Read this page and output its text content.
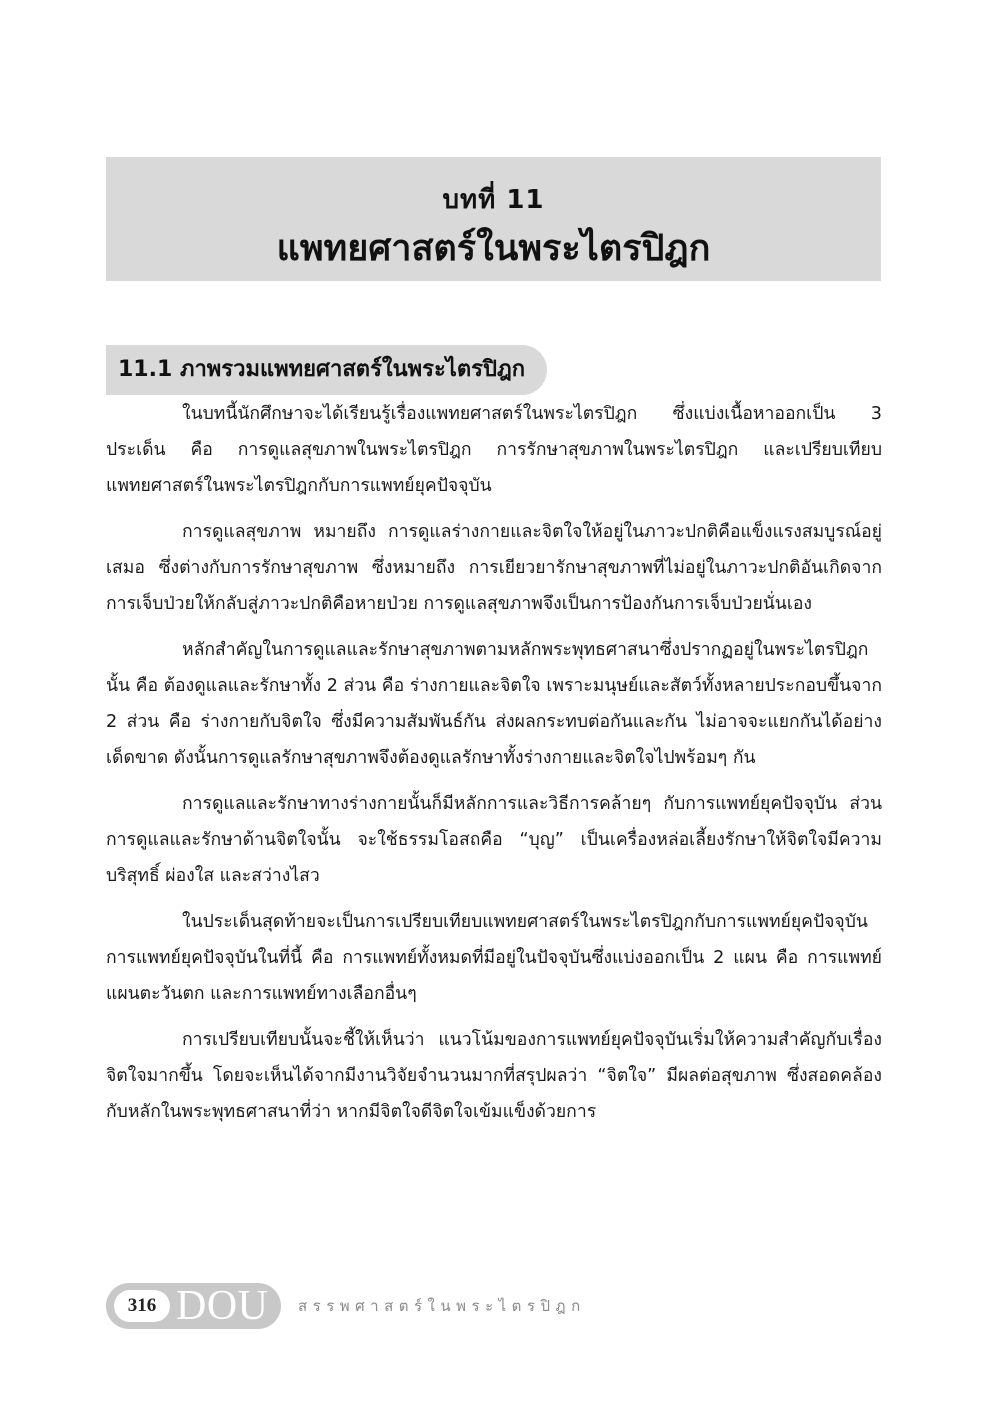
บทที่ 11
แพทยศาสตร์ในพระไตรปิฎก
11.1 ภาพรวมแพทยศาสตร์ในพระไตรปิฎก

ในบทนี้นักศึกษาจะได้เรียนรู้เรื่องแพทยศาสตร์ในพระไตรปิฎก ซึ่งแบ่งเนื้อหาออกเป็น 3 ประเด็น คือ การดูแลสุขภาพในพระไตรปิฎก การรักษาสุขภาพในพระไตรปิฎก และเปรียบเทียบแพทยศาสตร์ในพระไตรปิฎกกับการแพทย์ยุคปัจจุบัน

การดูแลสุขภาพ หมายถึง การดูแลร่างกายและจิตใจให้อยู่ในภาวะปกติคือแข็งแรงสมบูรณ์อยู่เสมอ ซึ่งต่างกับการรักษาสุขภาพ ซึ่งหมายถึง การเยียวยารักษาสุขภาพที่ไม่อยู่ในภาวะปกติอันเกิดจากการเจ็บป่วยให้กลับสู่ภาวะปกติคือหายป่วย การดูแลสุขภาพจึงเป็นการป้องกันการเจ็บป่วยนั่นเอง

หลักสำคัญในการดูแลและรักษาสุขภาพตามหลักพระพุทธศาสนาซึ่งปรากฏอยู่ในพระไตรปิฎกนั้น คือ ต้องดูแลและรักษาทั้ง 2 ส่วน คือ ร่างกายและจิตใจ เพราะมนุษย์และสัตว์ทั้งหลายประกอบขึ้นจาก 2 ส่วน คือ ร่างกายกับจิตใจ ซึ่งมีความสัมพันธ์กัน ส่งผลกระทบต่อกันและกัน ไม่อาจจะแยกกันได้อย่างเด็ดขาด ดังนั้นการดูแลรักษาสุขภาพจึงต้องดูแลรักษาทั้งร่างกายและจิตใจไปพร้อมๆ กัน

การดูแลและรักษาทางร่างกายนั้นก็มีหลักการและวิธีการคล้ายๆ กับการแพทย์ยุคปัจจุบัน ส่วนการดูแลและรักษาด้านจิตใจนั้น จะใช้ธรรมโอสถคือ “บุญ” เป็นเครื่องหล่อเลี้ยงรักษาให้จิตใจมีความบริสุทธิ์ ผ่องใส และสว่างไสว

ในประเด็นสุดท้ายจะเป็นการเปรียบเทียบแพทยศาสตร์ในพระไตรปิฎกกับการแพทย์ยุคปัจจุบัน การแพทย์ยุคปัจจุบันในที่นี้ คือ การแพทย์ทั้งหมดที่มีอยู่ในปัจจุบันซึ่งแบ่งออกเป็น 2 แผน คือ การแพทย์แผนตะวันตก และการแพทย์ทางเลือกอื่นๆ

การเปรียบเทียบนั้นจะชี้ให้เห็นว่า แนวโน้มของการแพทย์ยุคปัจจุบันเริ่มให้ความสำคัญกับเรื่องจิตใจมากขึ้น โดยจะเห็นได้จากมีงานวิจัยจำนวนมากที่สรุปผลว่า “จิตใจ” มีผลต่อสุขภาพ ซึ่งสอดคล้องกับหลักในพระพุทธศาสนาที่ว่า หากมีจิตใจดีจิตใจเข้มแข็งด้วยการ

316 DOU สรรพศาสตร์ในพระไตรปิฎก
